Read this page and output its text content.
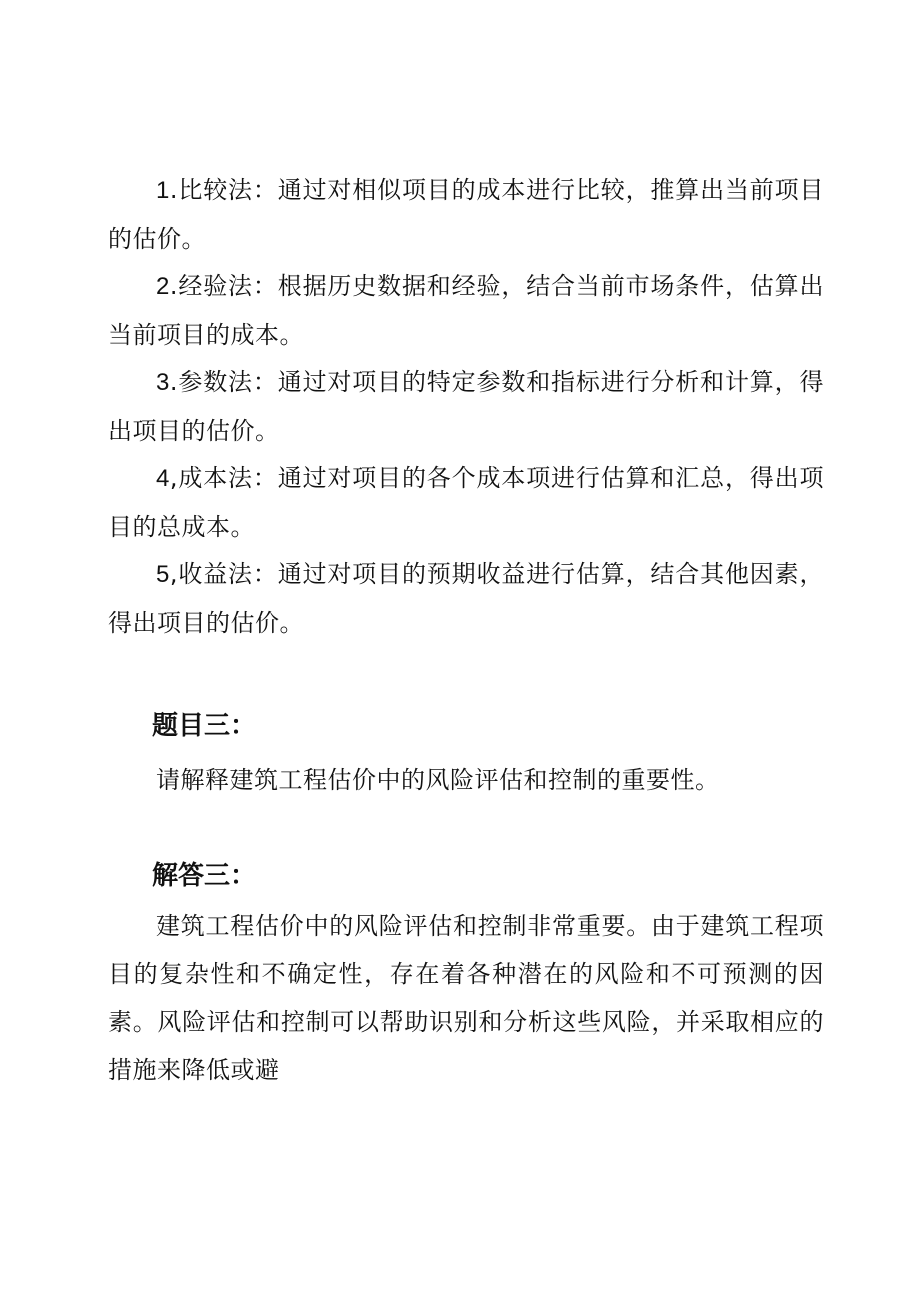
1.比较法：通过对相似项目的成本进行比较，推算出当前项目的估价。

2.经验法：根据历史数据和经验，结合当前市场条件，估算出当前项目的成本。

3.参数法：通过对项目的特定参数和指标进行分析和计算，得出项目的估价。

4,成本法：通过对项目的各个成本项进行估算和汇总，得出项目的总成本。

5,收益法：通过对项目的预期收益进行估算，结合其他因素，得出项目的估价。

题目三：

请解释建筑工程估价中的风险评估和控制的重要性。

解答三：

建筑工程估价中的风险评估和控制非常重要。由于建筑工程项目的复杂性和不确定性，存在着各种潜在的风险和不可预测的因素。风险评估和控制可以帮助识别和分析这些风险，并采取相应的措施来降低或避
